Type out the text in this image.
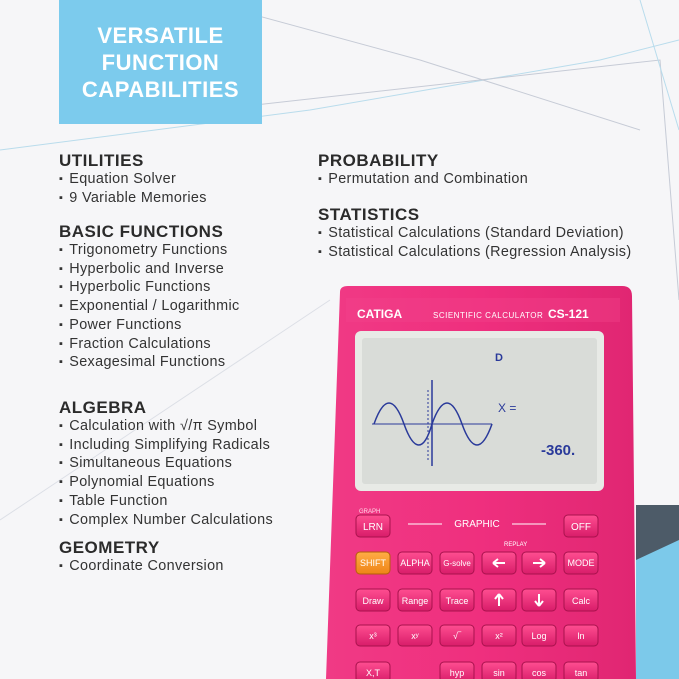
VERSATILE
FUNCTION
CAPABILITIES
UTILITIES
▪ Equation Solver
▪ 9 Variable Memories
BASIC FUNCTIONS
▪ Trigonometry Functions
▪ Hyperbolic and Inverse
▪ Hyperbolic Functions
▪ Exponential / Logarithmic
▪ Power Functions
▪ Fraction Calculations
▪ Sexagesimal Functions
ALGEBRA
▪ Calculation with √/π Symbol
▪ Including Simplifying Radicals
▪ Simultaneous Equations
▪ Polynomial Equations
▪ Table Function
▪ Complex Number Calculations
GEOMETRY
▪ Coordinate Conversion
PROBABILITY
▪ Permutation and Combination
STATISTICS
▪ Statistical Calculations (Standard Deviation)
▪ Statistical Calculations (Regression Analysis)
CATIGA	SCIENTIFIC CALCULATOR CS-121
D
X =
-360.
GRAPH
LRN	GRAPHIC	OFF
REPLAY
SHIFT ALPHA G-solve	MODE
Draw Range Trace	Calc
x³	xʸ	√‾	x²	Log	ln
X,T	hyp	sin	cos	tan
